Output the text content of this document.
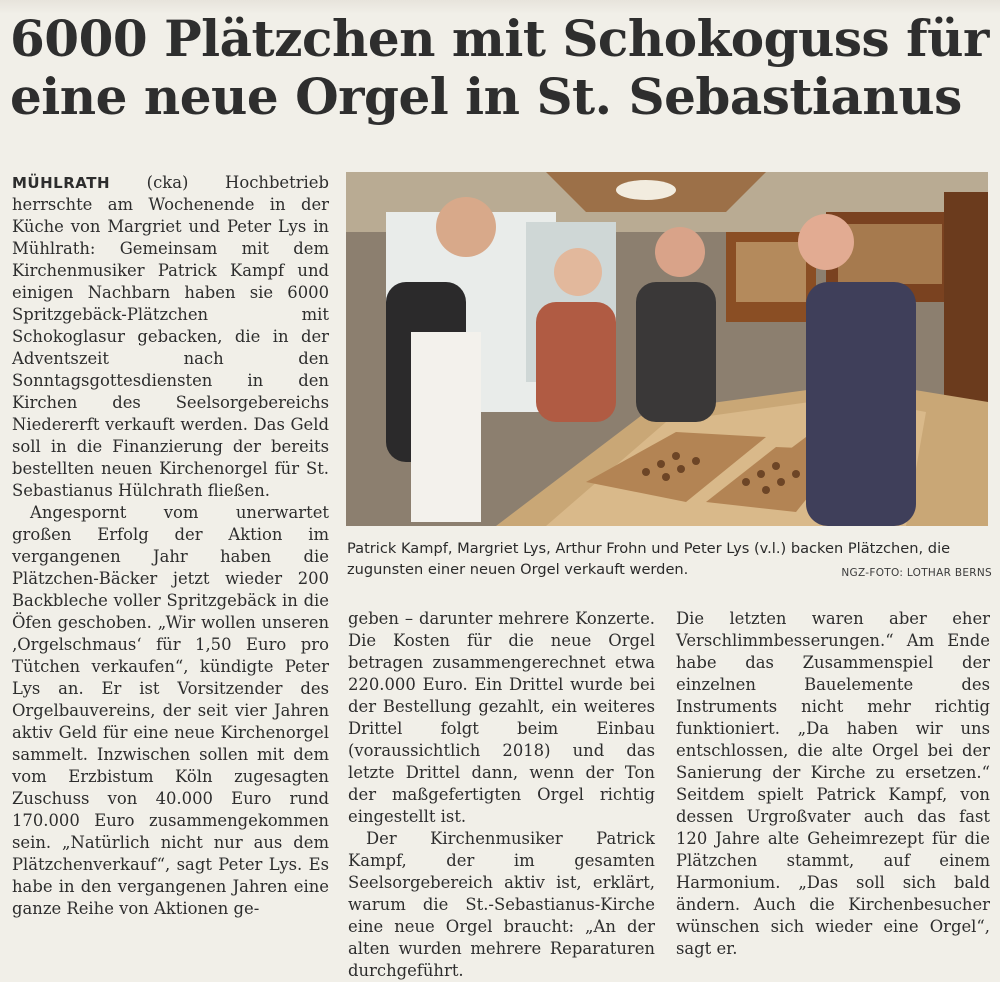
6000 Plätzchen mit Schokoguss für
eine neue Orgel in St. Sebastianus

MÜHLRATH (cka) Hochbetrieb herrschte am Wochenende in der Küche von Margriet und Peter Lys in Mühlrath: Gemeinsam mit dem Kirchenmusiker Patrick Kampf und einigen Nachbarn haben sie 6000 Spritzgebäck-Plätzchen mit Schokoglasur gebacken, die in der Adventszeit nach den Sonntagsgottesdiensten in den Kirchen des Seelsorgebereichs Niedererft verkauft werden. Das Geld soll in die Finanzierung der bereits bestellten neuen Kirchenorgel für St. Sebastianus Hülchrath fließen.

Angespornt vom unerwartet großen Erfolg der Aktion im vergangenen Jahr haben die Plätzchen-Bäcker jetzt wieder 200 Backbleche voller Spritzgebäck in die Öfen geschoben. „Wir wollen unseren ‚Orgelschmaus‘ für 1,50 Euro pro Tütchen verkaufen“, kündigte Peter Lys an. Er ist Vorsitzender des Orgelbauvereins, der seit vier Jahren aktiv Geld für eine neue Kirchenorgel sammelt. Inzwischen sollen mit dem vom Erzbistum Köln zugesagten Zuschuss von 40.000 Euro rund 170.000 Euro zusammengekommen sein. „Natürlich nicht nur aus dem Plätzchenverkauf“, sagt Peter Lys. Es habe in den vergangenen Jahren eine ganze Reihe von Aktionen ge-

Patrick Kampf, Margriet Lys, Arthur Frohn und Peter Lys (v.l.) backen Plätzchen, die zugunsten einer neuen Orgel verkauft werden.	NGZ-FOTO: LOTHAR BERNS

geben – darunter mehrere Konzerte. Die Kosten für die neue Orgel betragen zusammengerechnet etwa 220.000 Euro. Ein Drittel wurde bei der Bestellung gezahlt, ein weiteres Drittel folgt beim Einbau (voraussichtlich 2018) und das letzte Drittel dann, wenn der Ton der maßgefertigten Orgel richtig eingestellt ist.

Der Kirchenmusiker Patrick Kampf, der im gesamten Seelsorgebereich aktiv ist, erklärt, warum die St.-Sebastianus-Kirche eine neue Orgel braucht: „An der alten wurden mehrere Reparaturen durchgeführt.

Die letzten waren aber eher Verschlimmbesserungen.“ Am Ende habe das Zusammenspiel der einzelnen Bauelemente des Instruments nicht mehr richtig funktioniert. „Da haben wir uns entschlossen, die alte Orgel bei der Sanierung der Kirche zu ersetzen.“ Seitdem spielt Patrick Kampf, von dessen Urgroßvater auch das fast 120 Jahre alte Geheimrezept für die Plätzchen stammt, auf einem Harmonium. „Das soll sich bald ändern. Auch die Kirchenbesucher wünschen sich wieder eine Orgel“, sagt er.
